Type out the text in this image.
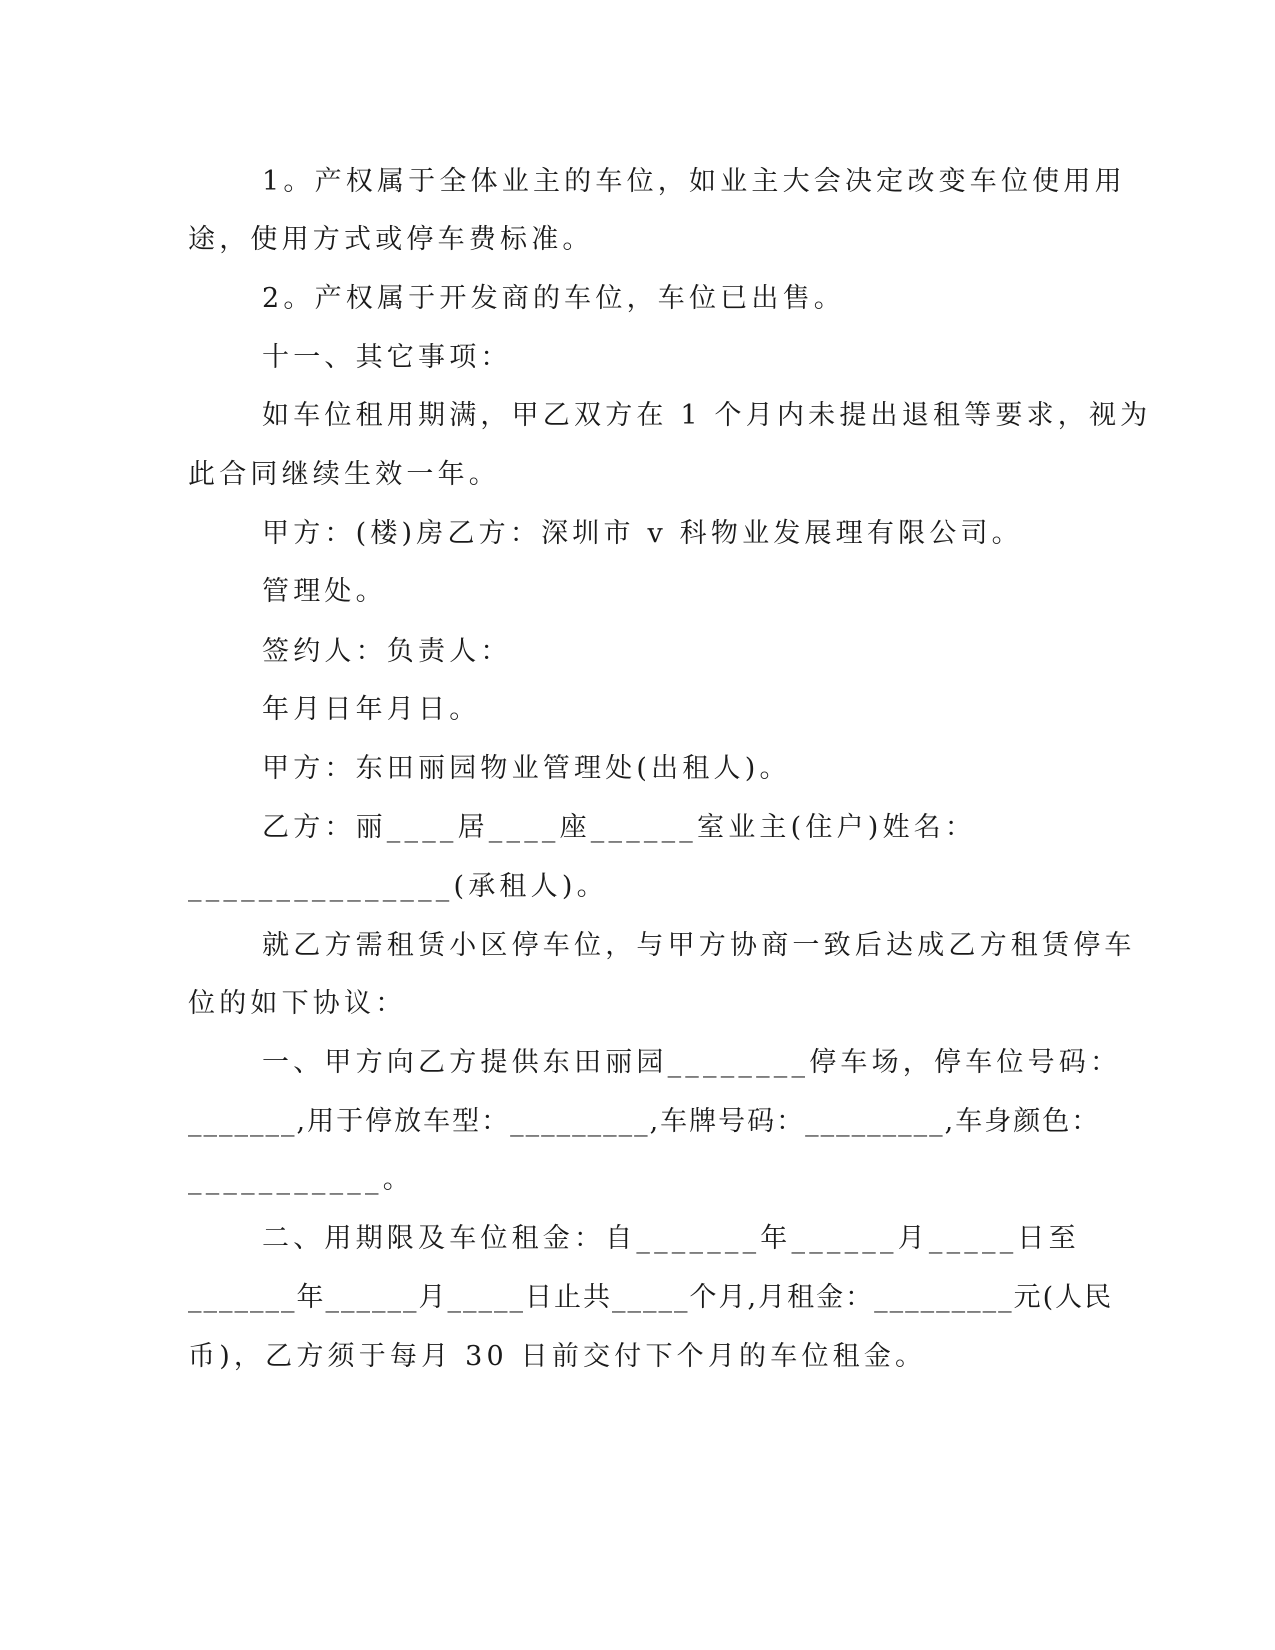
1。产权属于全体业主的车位，如业主大会决定改变车位使用用

途，使用方式或停车费标准。

2。产权属于开发商的车位，车位已出售。

十一、其它事项：

如车位租用期满，甲乙双方在 1 个月内未提出退租等要求，视为

此合同继续生效一年。

甲方：(楼)房乙方：深圳市 v 科物业发展理有限公司。

管理处。

签约人：负责人：

年月日年月日。

甲方：东田丽园物业管理处(出租人)。

乙方：丽____居____座______室业主(住户)姓名：

_______________(承租人)。

就乙方需租赁小区停车位，与甲方协商一致后达成乙方租赁停车

位的如下协议：

一、甲方向乙方提供东田丽园________停车场，停车位号码：

_______,用于停放车型：_________,车牌号码：_________,车身颜色：

___________。

二、用期限及车位租金：自_______年______月_____日至

_______年______月_____日止共_____个月,月租金：_________元(人民

币)，乙方须于每月 30 日前交付下个月的车位租金。
